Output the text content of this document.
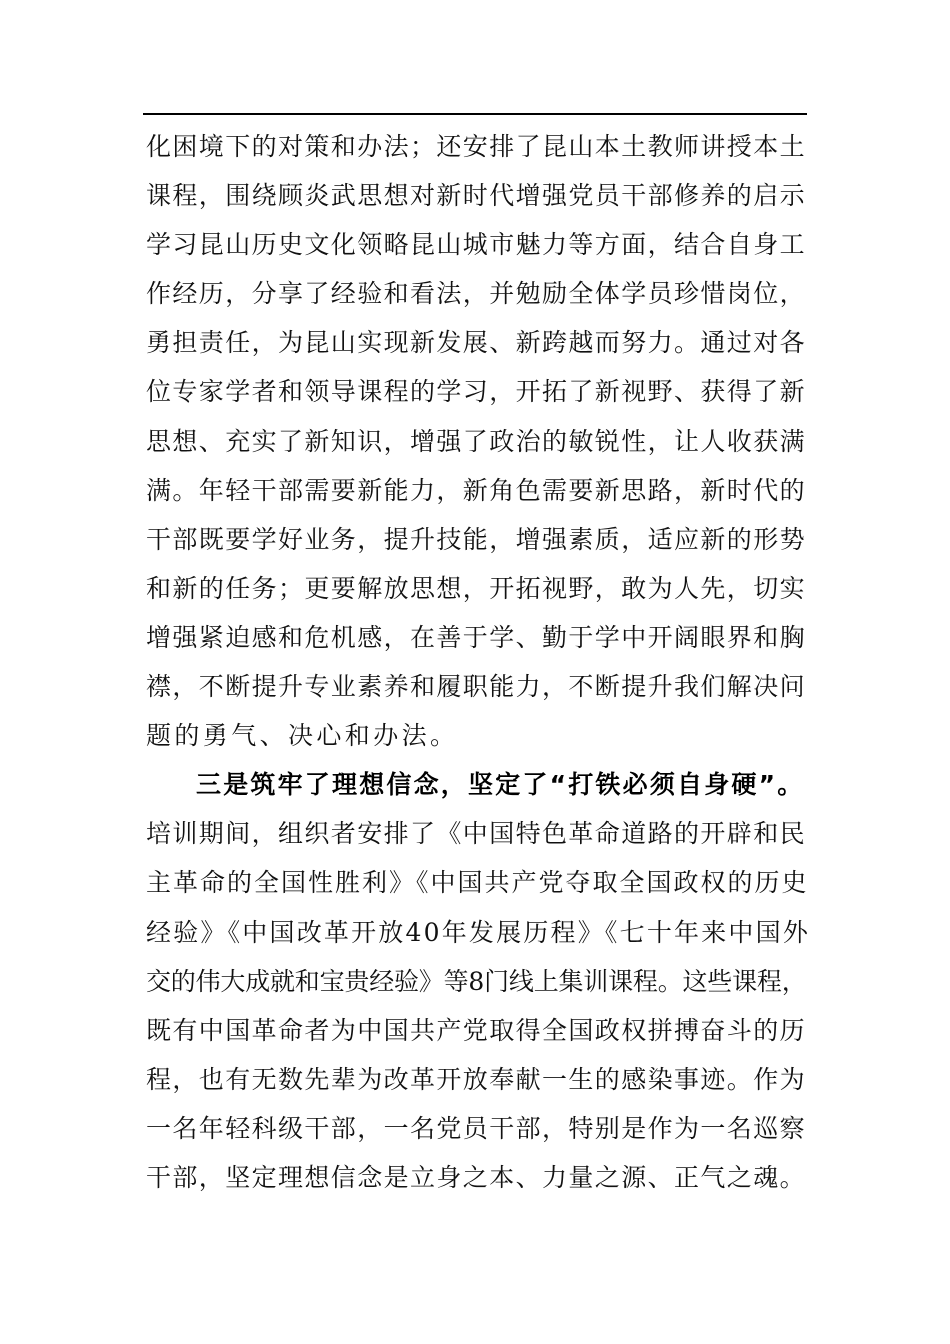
化困境下的对策和办法；还安排了昆山本土教师讲授本土
课程，围绕顾炎武思想对新时代增强党员干部修养的启示
学习昆山历史文化领略昆山城市魅力等方面，结合自身工
作经历，分享了经验和看法，并勉励全体学员珍惜岗位，
勇担责任，为昆山实现新发展、新跨越而努力。通过对各
位专家学者和领导课程的学习，开拓了新视野、获得了新
思想、充实了新知识，增强了政治的敏锐性，让人收获满
满。年轻干部需要新能力，新角色需要新思路，新时代的
干部既要学好业务，提升技能，增强素质，适应新的形势
和新的任务；更要解放思想，开拓视野，敢为人先，切实
增强紧迫感和危机感，在善于学、勤于学中开阔眼界和胸
襟，不断提升专业素养和履职能力，不断提升我们解决问
题的勇气、决心和办法。
三是筑牢了理想信念，坚定了“打铁必须自身硬”。
培训期间，组织者安排了《中国特色革命道路的开辟和民
主革命的全国性胜利》《中国共产党夺取全国政权的历史
经验》《中国改革开放40年发展历程》《七十年来中国外
交的伟大成就和宝贵经验》等8门线上集训课程。这些课程，
既有中国革命者为中国共产党取得全国政权拼搏奋斗的历
程，也有无数先辈为改革开放奉献一生的感染事迹。作为
一名年轻科级干部，一名党员干部，特别是作为一名巡察
干部，坚定理想信念是立身之本、力量之源、正气之魂。
